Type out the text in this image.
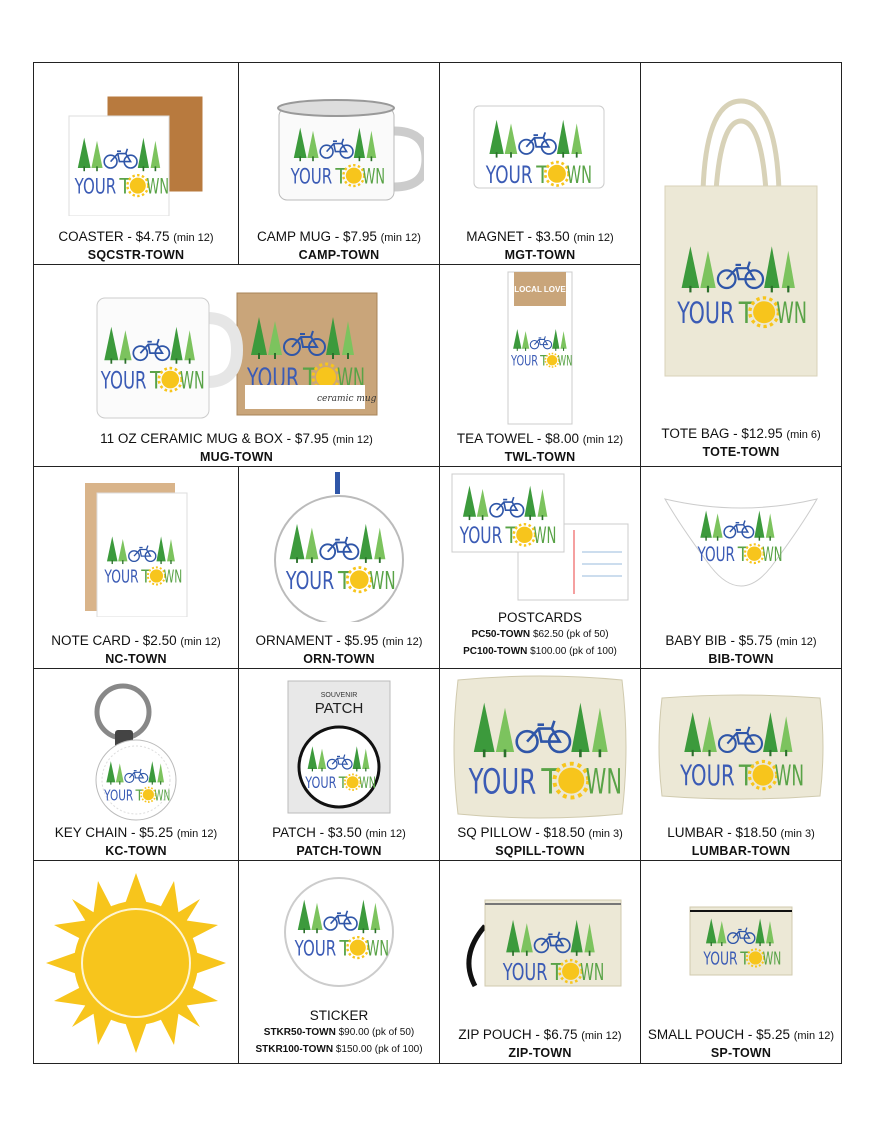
COASTER - $4.75 (min 12)
SQCSTR-TOWN
CAMP MUG - $7.95 (min 12)
CAMP-TOWN
MAGNET - $3.50 (min 12)
MGT-TOWN
TOTE BAG - $12.95 (min 6)
TOTE-TOWN
ceramic mug
11 OZ CERAMIC MUG & BOX - $7.95 (min 12)
MUG-TOWN
LOCAL LOVE
TEA TOWEL - $8.00 (min 12)
TWL-TOWN
NOTE CARD - $2.50 (min 12)
NC-TOWN
ORNAMENT - $5.95 (min 12)
ORN-TOWN
POSTCARDS
PC50-TOWN $62.50 (pk of 50)
PC100-TOWN $100.00 (pk of 100)
BABY BIB - $5.75 (min 12)
BIB-TOWN
KEY CHAIN - $5.25 (min 12)
KC-TOWN
SOUVENIR
PATCH
PATCH - $3.50 (min 12)
PATCH-TOWN
SQ PILLOW - $18.50 (min 3)
SQPILL-TOWN
LUMBAR - $18.50 (min 3)
LUMBAR-TOWN
STICKER
STKR50-TOWN $90.00 (pk of 50)
STKR100-TOWN $150.00 (pk of 100)
ZIP POUCH - $6.75 (min 12)
ZIP-TOWN
SMALL POUCH - $5.25 (min 12)
SP-TOWN
